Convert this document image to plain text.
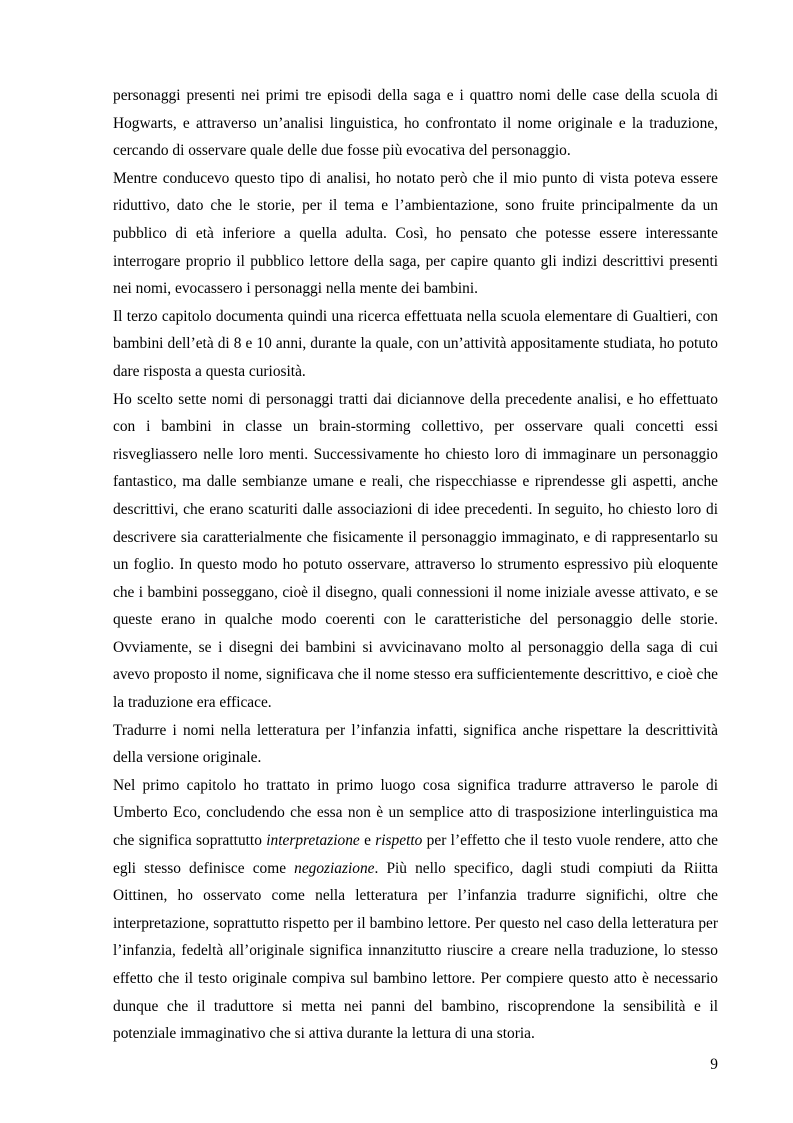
personaggi presenti nei primi tre episodi della saga e i quattro nomi delle case della scuola di Hogwarts, e attraverso un’analisi linguistica, ho confrontato il nome originale e la traduzione, cercando di osservare quale delle due fosse più evocativa del personaggio.

Mentre conducevo questo tipo di analisi, ho notato però che il mio punto di vista poteva essere riduttivo, dato che le storie, per il tema e l’ambientazione, sono fruite principalmente da un pubblico di età inferiore a quella adulta. Così, ho pensato che potesse essere interessante interrogare proprio il pubblico lettore della saga, per capire quanto gli indizi descrittivi presenti nei nomi, evocassero i personaggi nella mente dei bambini.

Il terzo capitolo documenta quindi una ricerca effettuata nella scuola elementare di Gualtieri, con bambini dell’età di 8 e 10 anni, durante la quale, con un’attività appositamente studiata, ho potuto dare risposta a questa curiosità.

Ho scelto sette nomi di personaggi tratti dai diciannove della precedente analisi, e ho effettuato con i bambini in classe un brain-storming collettivo, per osservare quali concetti essi risvegliassero nelle loro menti. Successivamente ho chiesto loro di immaginare un personaggio fantastico, ma dalle sembianze umane e reali, che rispecchiasse e riprendesse gli aspetti, anche descrittivi, che erano scaturiti dalle associazioni di idee precedenti. In seguito, ho chiesto loro di descrivere sia caratterialmente che fisicamente il personaggio immaginato, e di rappresentarlo su un foglio. In questo modo ho potuto osservare, attraverso lo strumento espressivo più eloquente che i bambini posseggano, cioè il disegno, quali connessioni il nome iniziale avesse attivato, e se queste erano in qualche modo coerenti con le caratteristiche del personaggio delle storie. Ovviamente, se i disegni dei bambini si avvicinavano molto al personaggio della saga di cui avevo proposto il nome, significava che il nome stesso era sufficientemente descrittivo, e cioè che la traduzione era efficace.

Tradurre i nomi nella letteratura per l’infanzia infatti, significa anche rispettare la descrittività della versione originale.

Nel primo capitolo ho trattato in primo luogo cosa significa tradurre attraverso le parole di Umberto Eco, concludendo che essa non è un semplice atto di trasposizione interlinguistica ma che significa soprattutto interpretazione e rispetto per l’effetto che il testo vuole rendere, atto che egli stesso definisce come negoziazione. Più nello specifico, dagli studi compiuti da Riitta Oittinen, ho osservato come nella letteratura per l’infanzia tradurre significhi, oltre che interpretazione, soprattutto rispetto per il bambino lettore. Per questo nel caso della letteratura per l’infanzia, fedeltà all’originale significa innanzitutto riuscire a creare nella traduzione, lo stesso effetto che il testo originale compiva sul bambino lettore. Per compiere questo atto è necessario dunque che il traduttore si metta nei panni del bambino, riscoprendone la sensibilità e il potenziale immaginativo che si attiva durante la lettura di una storia.

9
